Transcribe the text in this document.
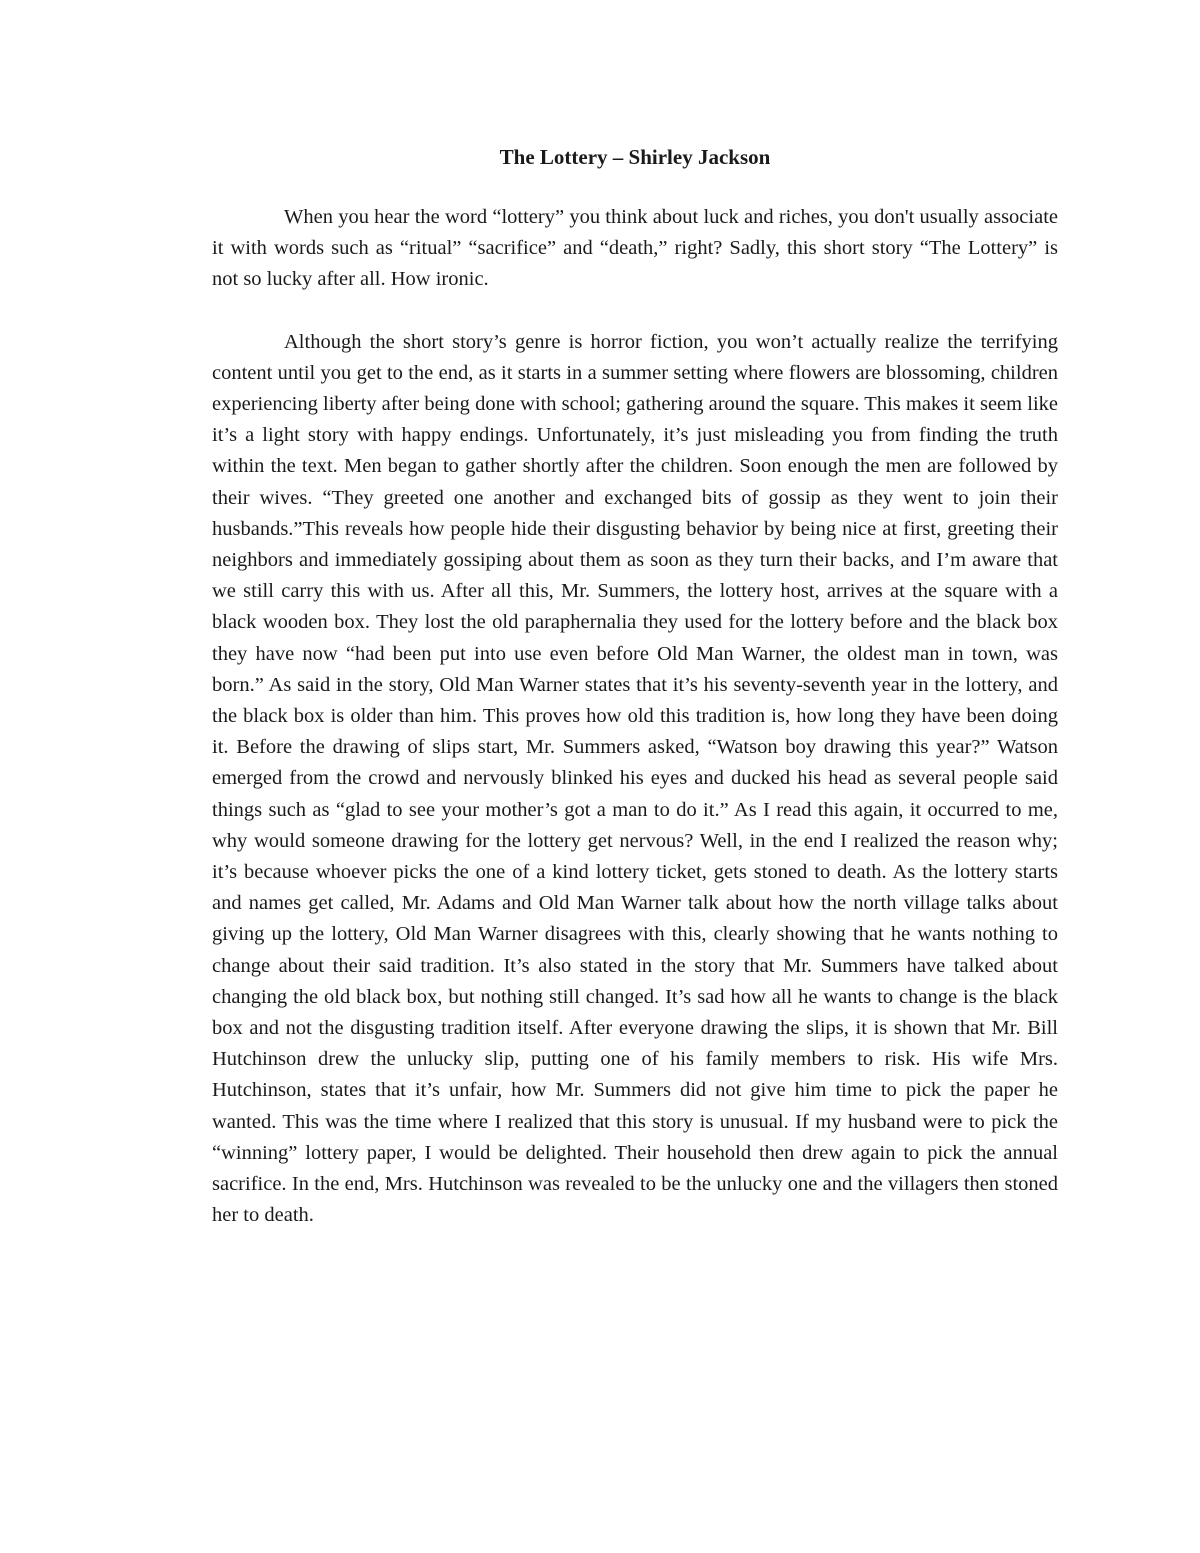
The Lottery – Shirley Jackson

When you hear the word “lottery” you think about luck and riches, you don't usually associate it with words such as “ritual” “sacrifice” and “death,” right? Sadly, this short story “The Lottery” is not so lucky after all. How ironic.

Although the short story’s genre is horror fiction, you won’t actually realize the terrifying content until you get to the end, as it starts in a summer setting where flowers are blossoming, children experiencing liberty after being done with school; gathering around the square. This makes it seem like it’s a light story with happy endings. Unfortunately, it’s just misleading you from finding the truth within the text. Men began to gather shortly after the children. Soon enough the men are followed by their wives. “They greeted one another and exchanged bits of gossip as they went to join their husbands.”This reveals how people hide their disgusting behavior by being nice at first, greeting their neighbors and immediately gossiping about them as soon as they turn their backs, and I’m aware that we still carry this with us. After all this, Mr. Summers, the lottery host, arrives at the square with a black wooden box. They lost the old paraphernalia they used for the lottery before and the black box they have now “had been put into use even before Old Man Warner, the oldest man in town, was born.” As said in the story, Old Man Warner states that it’s his seventy-seventh year in the lottery, and the black box is older than him. This proves how old this tradition is, how long they have been doing it. Before the drawing of slips start, Mr. Summers asked, “Watson boy drawing this year?” Watson emerged from the crowd and nervously blinked his eyes and ducked his head as several people said things such as “glad to see your mother’s got a man to do it.” As I read this again, it occurred to me, why would someone drawing for the lottery get nervous? Well, in the end I realized the reason why; it’s because whoever picks the one of a kind lottery ticket, gets stoned to death. As the lottery starts and names get called, Mr. Adams and Old Man Warner talk about how the north village talks about giving up the lottery, Old Man Warner disagrees with this, clearly showing that he wants nothing to change about their said tradition. It’s also stated in the story that Mr. Summers have talked about changing the old black box, but nothing still changed. It’s sad how all he wants to change is the black box and not the disgusting tradition itself. After everyone drawing the slips, it is shown that Mr. Bill Hutchinson drew the unlucky slip, putting one of his family members to risk. His wife Mrs. Hutchinson, states that it’s unfair, how Mr. Summers did not give him time to pick the paper he wanted. This was the time where I realized that this story is unusual. If my husband were to pick the “winning” lottery paper, I would be delighted. Their household then drew again to pick the annual sacrifice. In the end, Mrs. Hutchinson was revealed to be the unlucky one and the villagers then stoned her to death.
